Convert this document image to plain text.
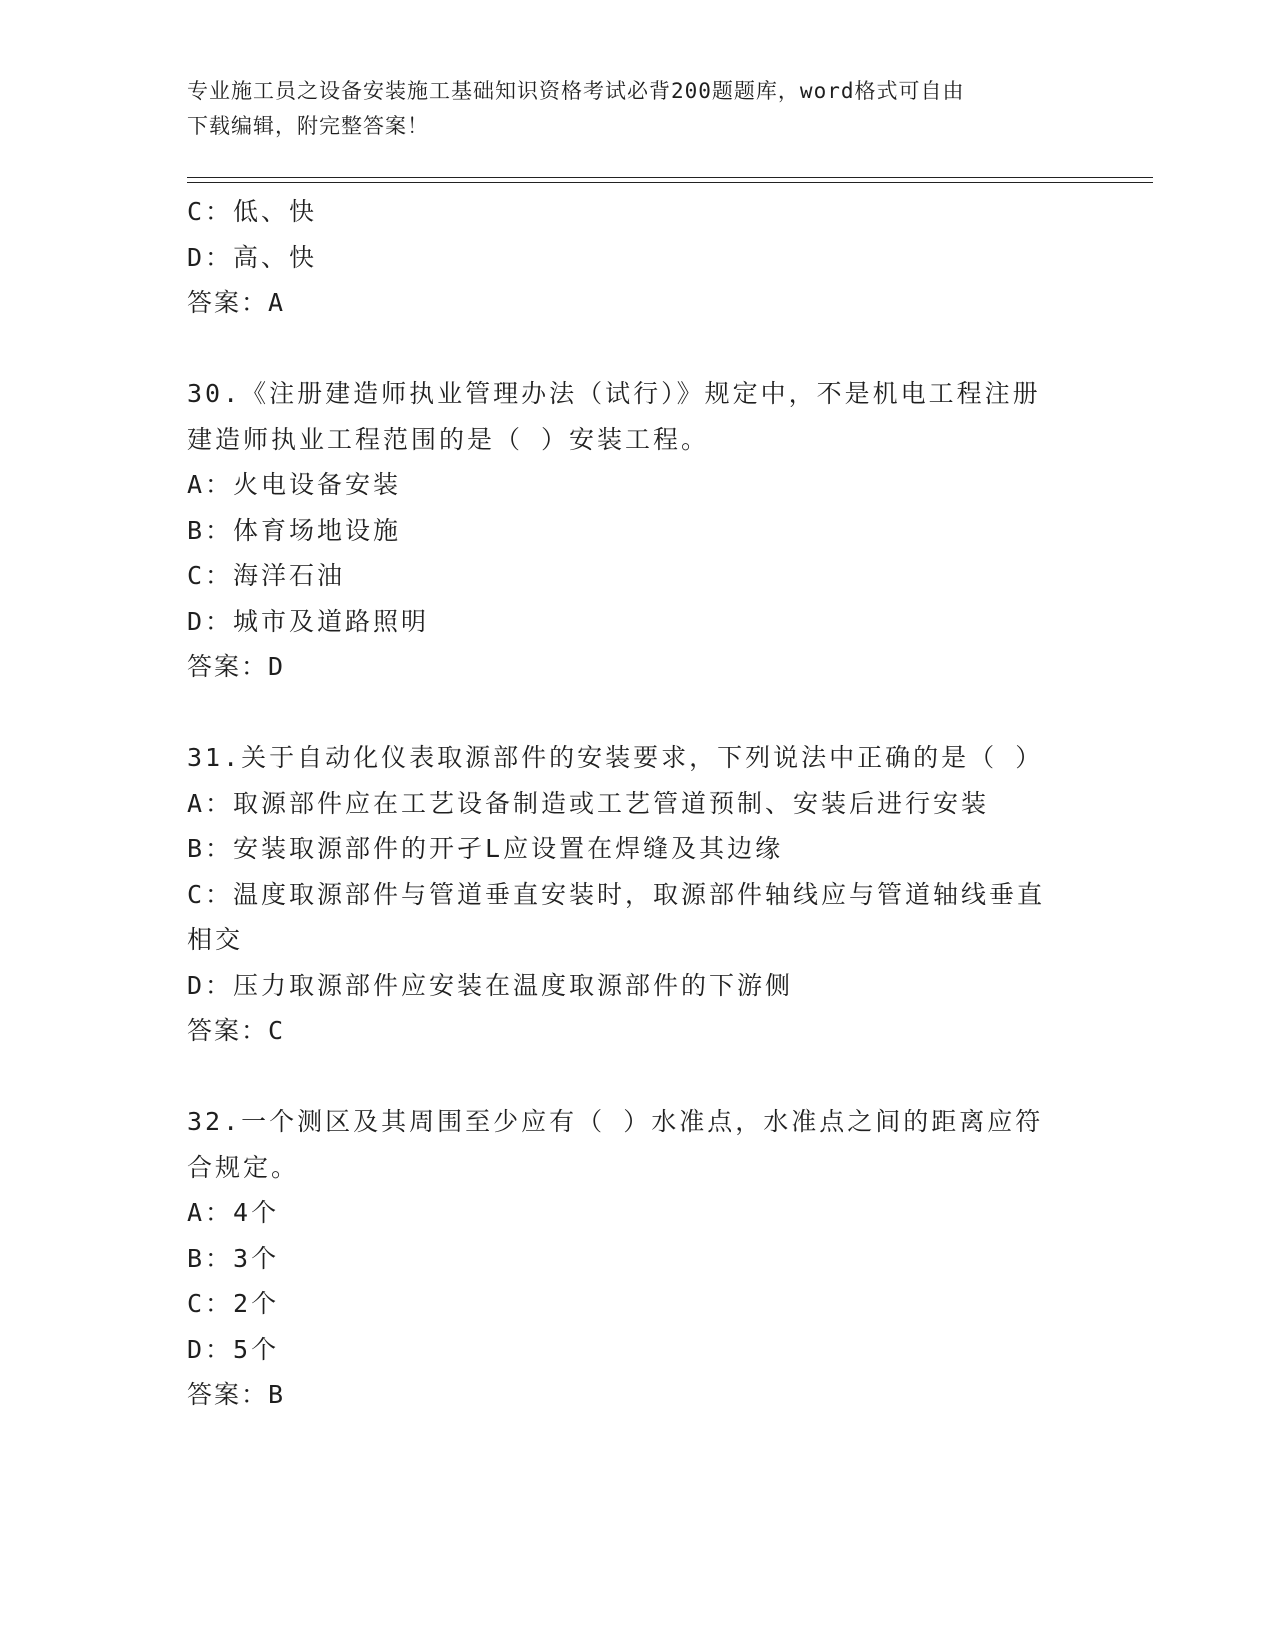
专业施工员之设备安装施工基础知识资格考试必背200题题库，word格式可自由
下载编辑，附完整答案！
C：低、快
D：高、快
答案：A
30.《注册建造师执业管理办法（试行）》规定中，不是机电工程注册
建造师执业工程范围的是（ ）安装工程。
A：火电设备安装
B：体育场地设施
C：海洋石油
D：城市及道路照明
答案：D
31.关于自动化仪表取源部件的安装要求，下列说法中正确的是（ ）
A：取源部件应在工艺设备制造或工艺管道预制、安装后进行安装
B：安装取源部件的开孑L应设置在焊缝及其边缘
C：温度取源部件与管道垂直安装时，取源部件轴线应与管道轴线垂直
相交
D：压力取源部件应安装在温度取源部件的下游侧
答案：C
32.一个测区及其周围至少应有（ ）水准点，水准点之间的距离应符
合规定。
A：4个
B：3个
C：2个
D：5个
答案：B
